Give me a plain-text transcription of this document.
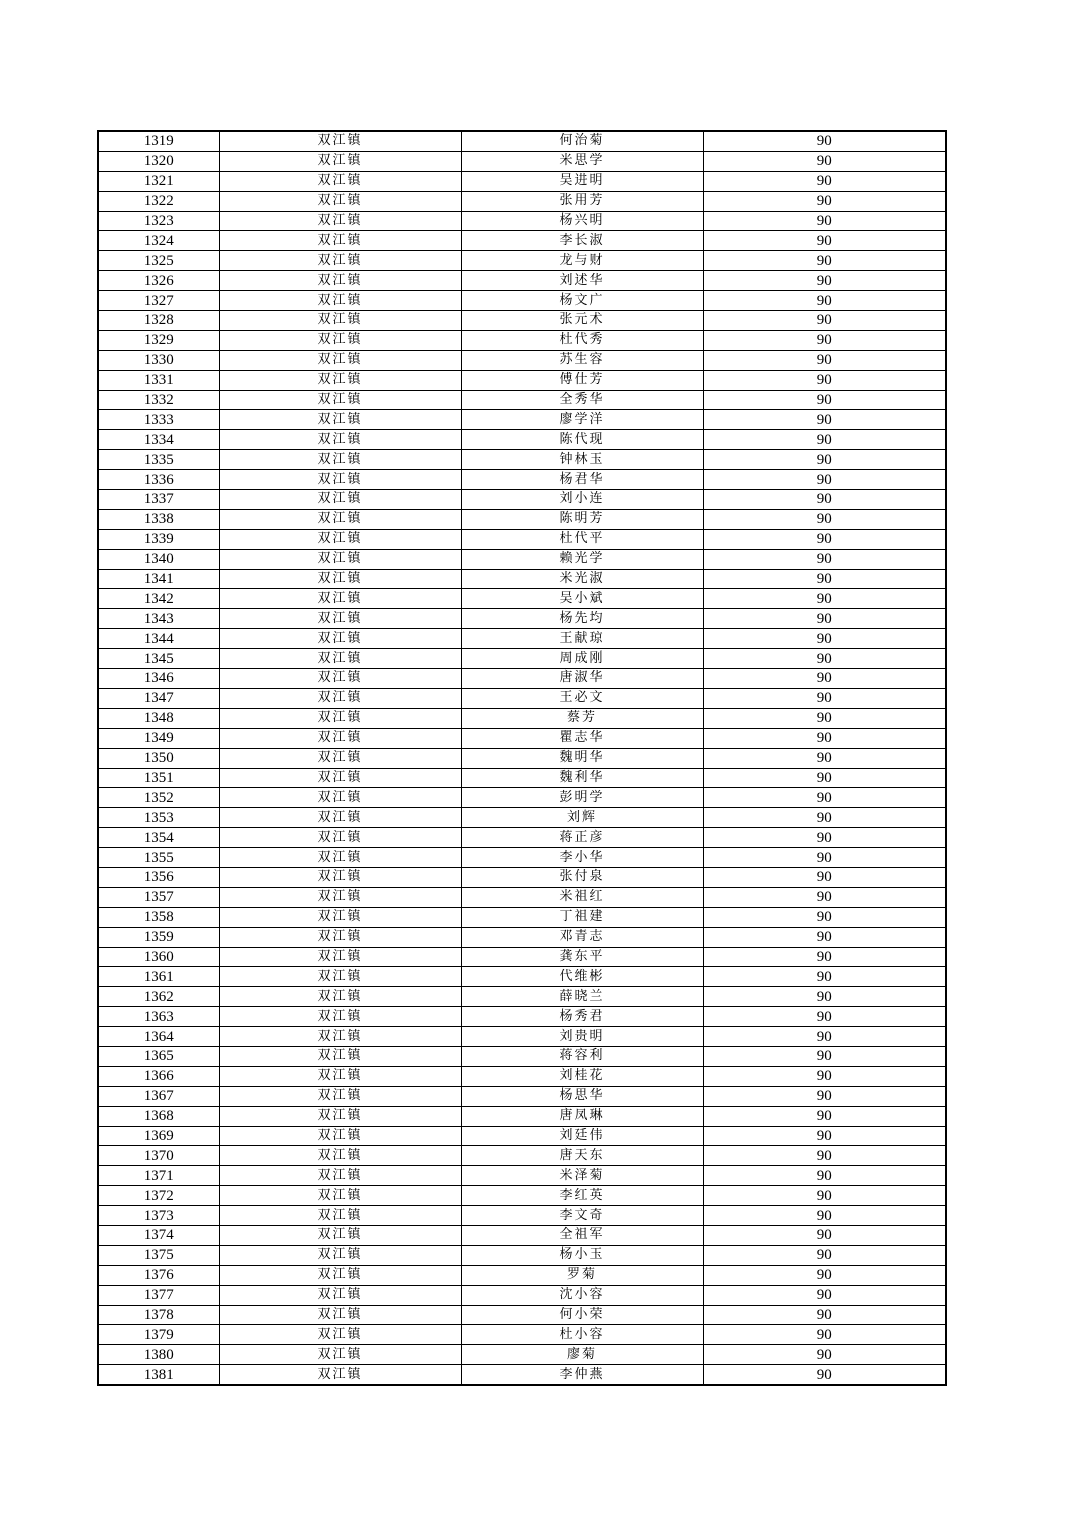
1319	双江镇	何治菊	90
1320	双江镇	米思学	90
1321	双江镇	吴进明	90
1322	双江镇	张用芳	90
1323	双江镇	杨兴明	90
1324	双江镇	李长淑	90
1325	双江镇	龙与财	90
1326	双江镇	刘述华	90
1327	双江镇	杨文广	90
1328	双江镇	张元术	90
1329	双江镇	杜代秀	90
1330	双江镇	苏生容	90
1331	双江镇	傅仕芳	90
1332	双江镇	全秀华	90
1333	双江镇	廖学洋	90
1334	双江镇	陈代现	90
1335	双江镇	钟林玉	90
1336	双江镇	杨君华	90
1337	双江镇	刘小连	90
1338	双江镇	陈明芳	90
1339	双江镇	杜代平	90
1340	双江镇	赖光学	90
1341	双江镇	米光淑	90
1342	双江镇	吴小斌	90
1343	双江镇	杨先均	90
1344	双江镇	王献琼	90
1345	双江镇	周成刚	90
1346	双江镇	唐淑华	90
1347	双江镇	王必文	90
1348	双江镇	蔡芳	90
1349	双江镇	瞿志华	90
1350	双江镇	魏明华	90
1351	双江镇	魏利华	90
1352	双江镇	彭明学	90
1353	双江镇	刘辉	90
1354	双江镇	蒋正彦	90
1355	双江镇	李小华	90
1356	双江镇	张付泉	90
1357	双江镇	米祖红	90
1358	双江镇	丁祖建	90
1359	双江镇	邓青志	90
1360	双江镇	龚东平	90
1361	双江镇	代维彬	90
1362	双江镇	薛晓兰	90
1363	双江镇	杨秀君	90
1364	双江镇	刘贵明	90
1365	双江镇	蒋容利	90
1366	双江镇	刘桂花	90
1367	双江镇	杨思华	90
1368	双江镇	唐凤琳	90
1369	双江镇	刘廷伟	90
1370	双江镇	唐天东	90
1371	双江镇	米泽菊	90
1372	双江镇	李红英	90
1373	双江镇	李文奇	90
1374	双江镇	全祖军	90
1375	双江镇	杨小玉	90
1376	双江镇	罗菊	90
1377	双江镇	沈小容	90
1378	双江镇	何小荣	90
1379	双江镇	杜小容	90
1380	双江镇	廖菊	90
1381	双江镇	李仲燕	90
